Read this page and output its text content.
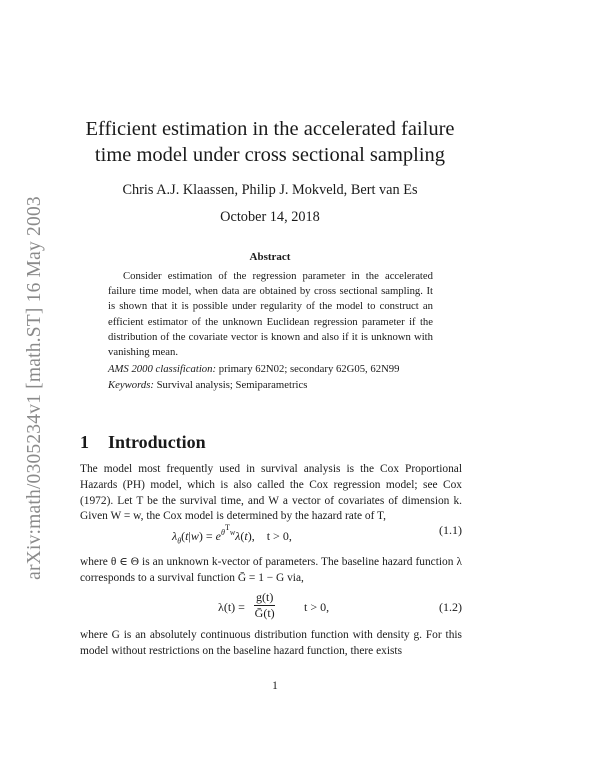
arXiv:math/0305234v1 [math.ST] 16 May 2003
Efficient estimation in the accelerated failure
time model under cross sectional sampling
Chris A.J. Klaassen, Philip J. Mokveld, Bert van Es
October 14, 2018
Abstract
Consider estimation of the regression parameter in the accelerated failure time model, when data are obtained by cross sectional sampling. It is shown that it is possible under regularity of the model to construct an efficient estimator of the unknown Euclidean regression parameter if the distribution of the covariate vector is known and also if it is unknown with vanishing mean.
AMS 2000 classification: primary 62N02; secondary 62G05, 62N99
Keywords: Survival analysis; Semiparametrics
1 Introduction
The model most frequently used in survival analysis is the Cox Proportional Hazards (PH) model, which is also called the Cox regression model; see Cox (1972). Let T be the survival time, and W a vector of covariates of dimension k. Given W = w, the Cox model is determined by the hazard rate of T,
$\lambda_\theta(t|w) = e^{\theta^Tw}\lambda(t)$,    t > 0,	(1.1)
where θ ∈ Θ is an unknown k-vector of parameters. The baseline hazard function λ corresponds to a survival function Ḡ = 1 − G via,
$\lambda(t) = \frac{g(t)}{\text{Ḡ(t)}}$ t > 0,	(1.2)
where G is an absolutely continuous distribution function with density g. For this model without restrictions on the baseline hazard function, there exists
1
